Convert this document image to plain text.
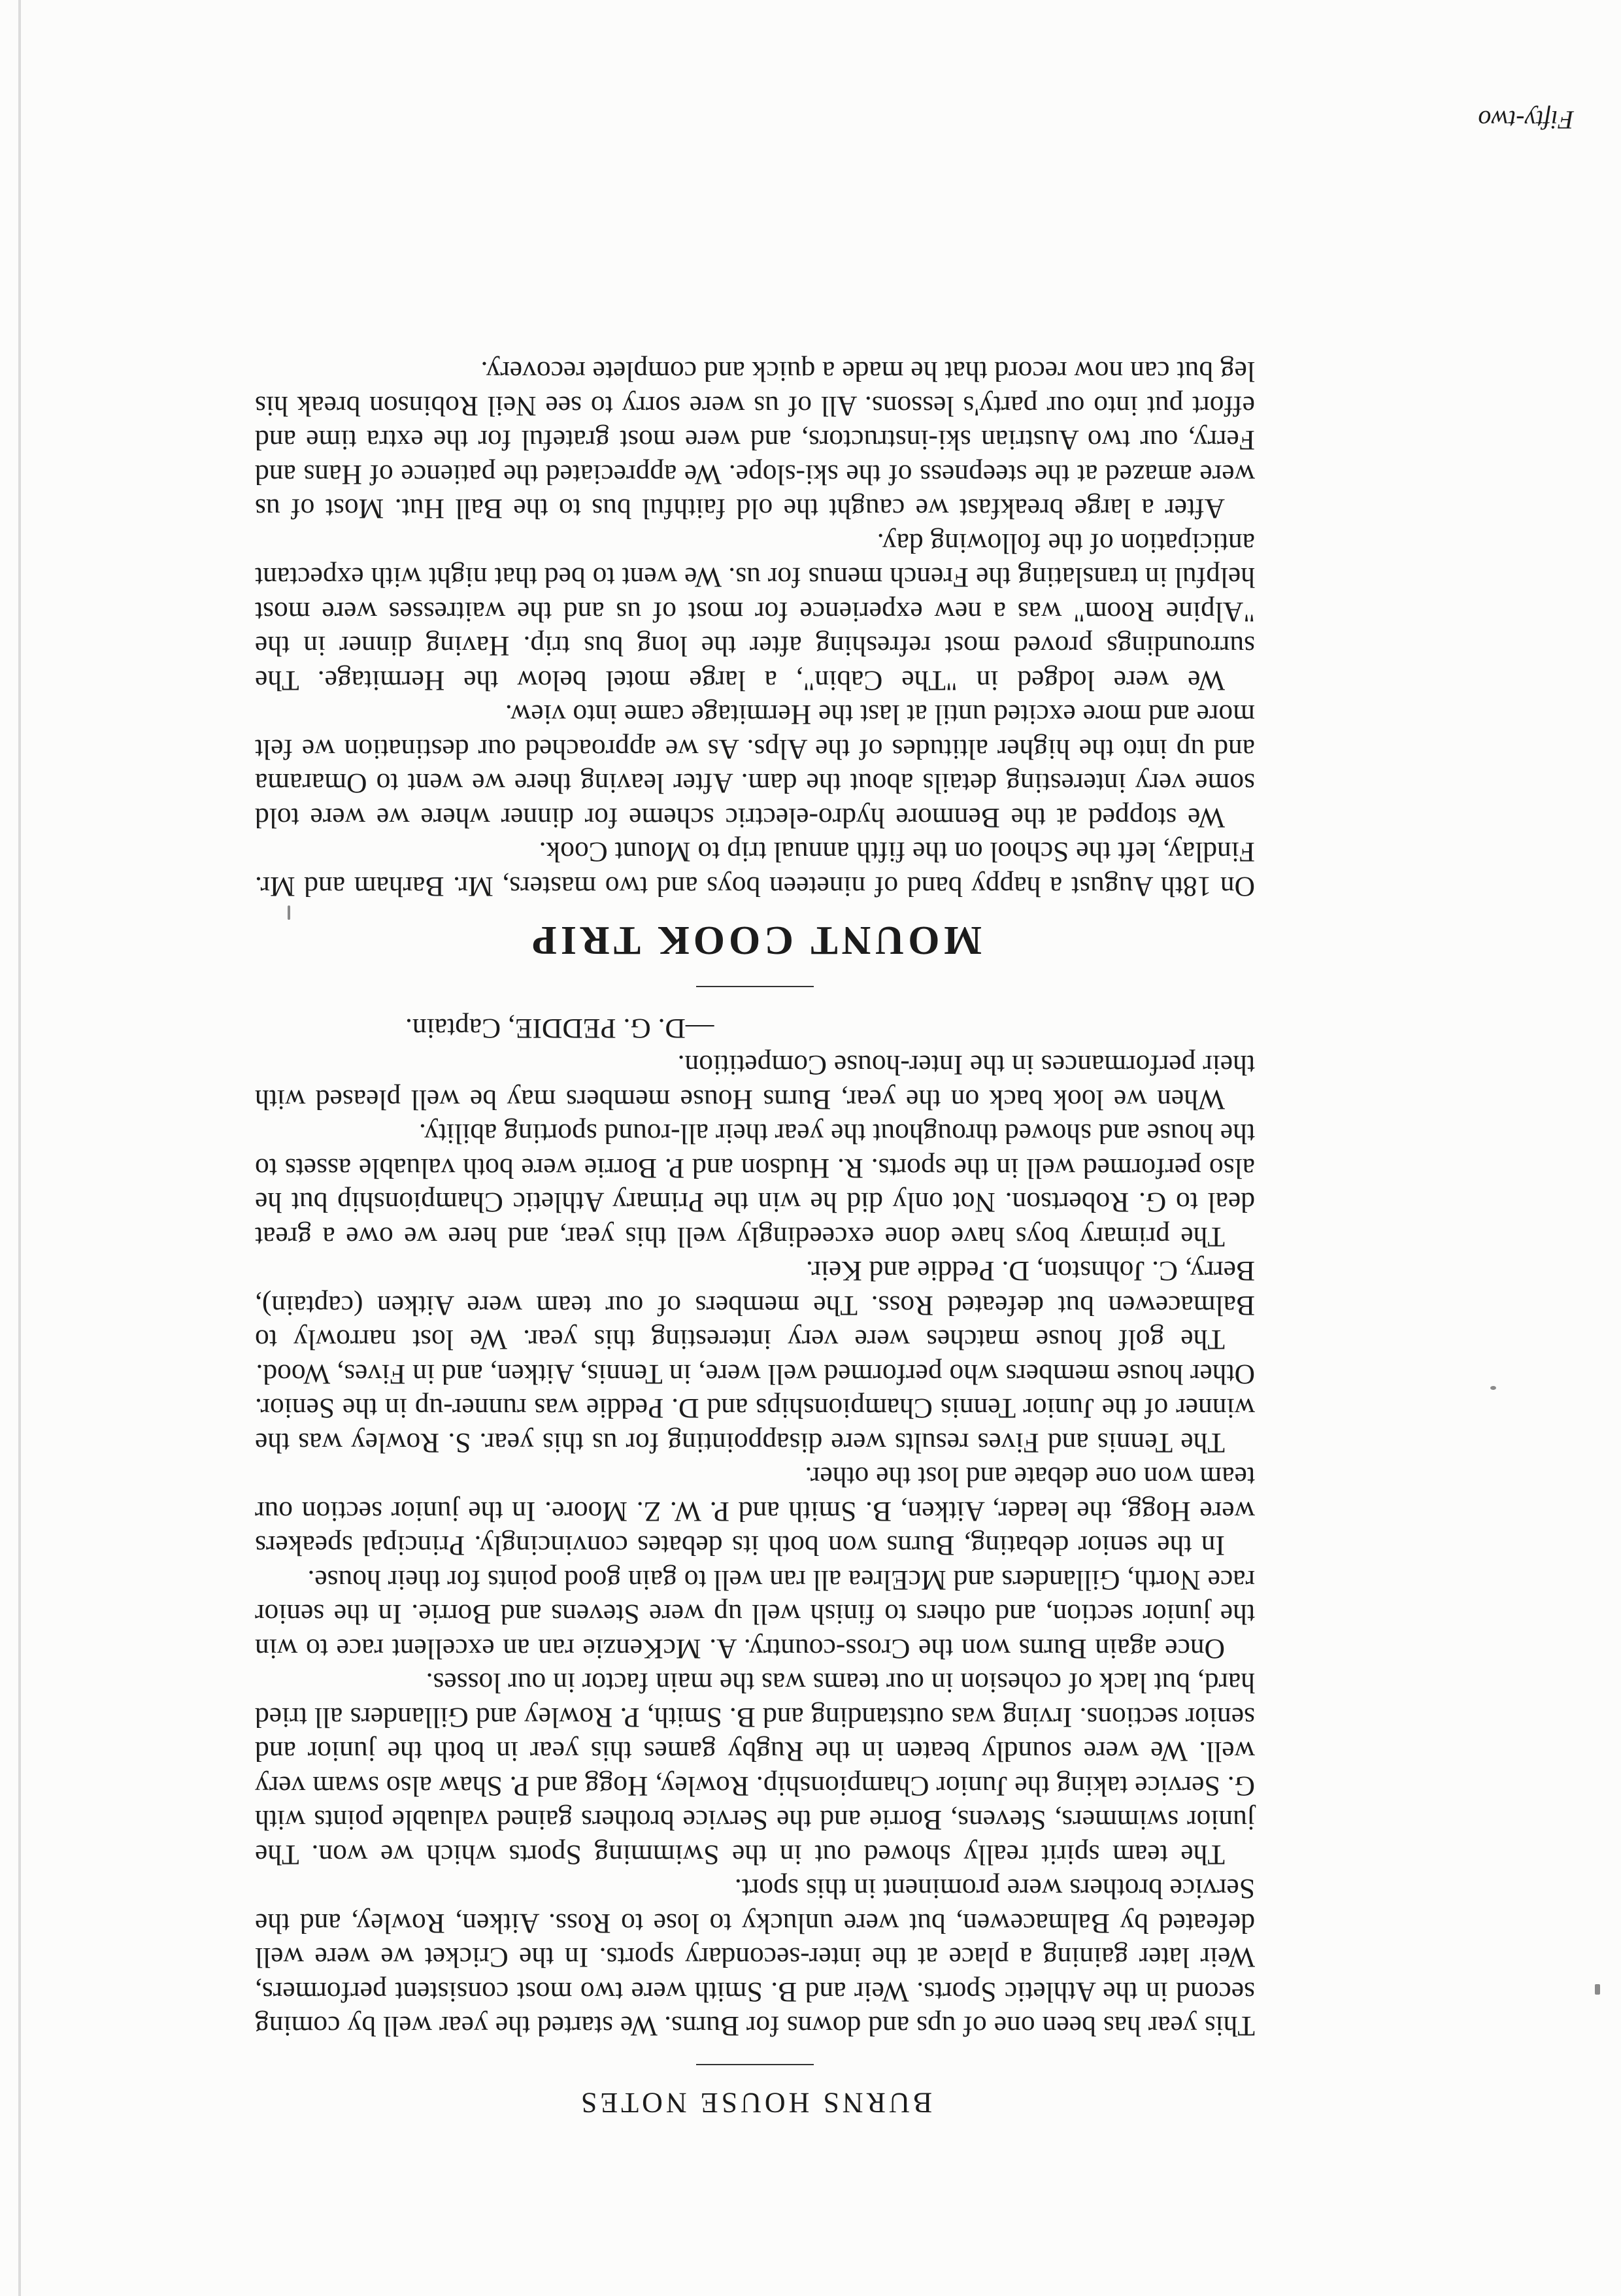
Fifty-two

BURNS HOUSE NOTES

This year has been one of ups and downs for Burns. We started the year well by coming second in the Athletic Sports. Weir and B. Smith were two most consistent performers, Weir later gaining a place at the inter-secondary sports. In the Cricket we were well defeated by Balmacewen, but were unlucky to lose to Ross. Aitken, Rowley, and the Service brothers were prominent in this sport.

The team spirit really showed out in the Swimming Sports which we won. The junior swimmers, Stevens, Borrie and the Service brothers gained valuable points with G. Service taking the Junior Championship. Rowley, Hogg and P. Shaw also swam very well. We were soundly beaten in the Rugby games this year in both the junior and senior sections. Irving was outstanding and B. Smith, P. Rowley and Gillanders all tried hard, but lack of cohesion in our teams was the main factor in our losses.

Once again Burns won the Cross-country. A. McKenzie ran an excellent race to win the junior section, and others to finish well up were Stevens and Borrie. In the senior race North, Gillanders and McElrea all ran well to gain good points for their house.

In the senior debating, Burns won both its debates convincingly. Principal speakers were Hogg, the leader, Aitken, B. Smith and P. W. Z. Moore. In the junior section our team won one debate and lost the other.

The Tennis and Fives results were disappointing for us this year. S. Rowley was the winner of the Junior Tennis Championships and D. Peddie was runner-up in the Senior. Other house members who performed well were, in Tennis, Aitken, and in Fives, Wood.

The golf house matches were very interesting this year. We lost narrowly to Balmacewen but defeated Ross. The members of our team were Aitken (captain), Berry, C. Johnston, D. Peddie and Keir.

The primary boys have done exceedingly well this year, and here we owe a great deal to G. Robertson. Not only did he win the Primary Athletic Championship but he also performed well in the sports. R. Hudson and P. Borrie were both valuable assets to the house and showed throughout the year their all-round sporting ability.

When we look back on the year, Burns House members may be well pleased with their performances in the Inter-house Competition.

—D. G. PEDDIE, Captain.
MOUNT COOK TRIP

On 18th August a happy band of nineteen boys and two masters, Mr. Barham and Mr. Findlay, left the School on the fifth annual trip to Mount Cook.

We stopped at the Benmore hydro-electric scheme for dinner where we were told some very interesting details about the dam. After leaving there we went to Omarama and up into the higher altitudes of the Alps. As we approached our destination we felt more and more excited until at last the Hermitage came into view.

We were lodged in "The Cabin", a large motel below the Hermitage. The surroundings proved most refreshing after the long bus trip. Having dinner in the "Alpine Room" was a new experience for most of us and the waitresses were most helpful in translating the French menus for us. We went to bed that night with expectant anticipation of the following day.

After a large breakfast we caught the old faithful bus to the Ball Hut. Most of us were amazed at the steepness of the ski-slope. We appreciated the patience of Hans and Ferry, our two Austrian ski-instructors, and were most grateful for the extra time and effort put into our party's lessons. All of us were sorry to see Neil Robinson break his leg but can now record that he made a quick and complete recovery.
